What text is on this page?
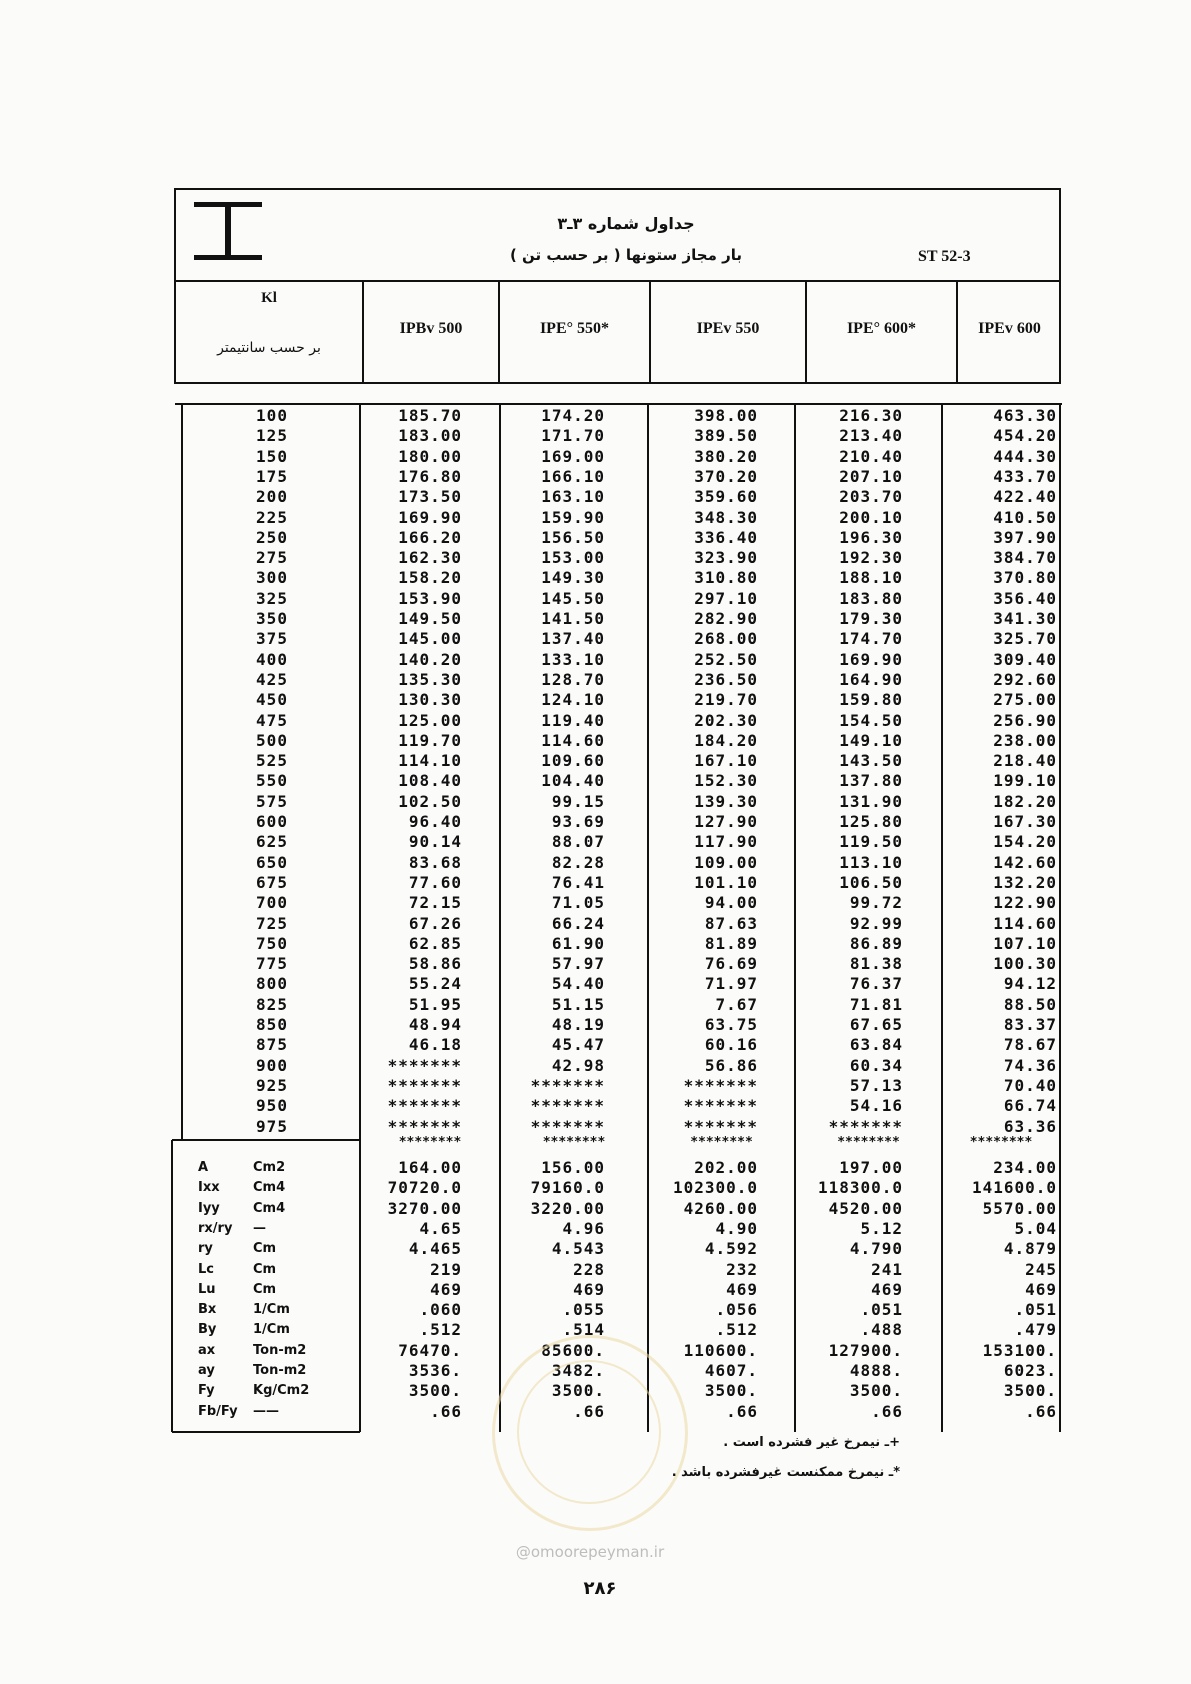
جداول شماره ۳ـ۳
بار مجاز ستونها ( بر حسب تن )	ST 52-3
Kl
بر حسب سانتیمتر
IPBv 500	IPE° 550*	IPEv 550	IPE° 600*	IPEv 600
100	185.70	174.20	398.00	216.30	463.30
125	183.00	171.70	389.50	213.40	454.20
150	180.00	169.00	380.20	210.40	444.30
175	176.80	166.10	370.20	207.10	433.70
200	173.50	163.10	359.60	203.70	422.40
225	169.90	159.90	348.30	200.10	410.50
250	166.20	156.50	336.40	196.30	397.90
275	162.30	153.00	323.90	192.30	384.70
300	158.20	149.30	310.80	188.10	370.80
325	153.90	145.50	297.10	183.80	356.40
350	149.50	141.50	282.90	179.30	341.30
375	145.00	137.40	268.00	174.70	325.70
400	140.20	133.10	252.50	169.90	309.40
425	135.30	128.70	236.50	164.90	292.60
450	130.30	124.10	219.70	159.80	275.00
475	125.00	119.40	202.30	154.50	256.90
500	119.70	114.60	184.20	149.10	238.00
525	114.10	109.60	167.10	143.50	218.40
550	108.40	104.40	152.30	137.80	199.10
575	102.50	99.15	139.30	131.90	182.20
600	96.40	93.69	127.90	125.80	167.30
625	90.14	88.07	117.90	119.50	154.20
650	83.68	82.28	109.00	113.10	142.60
675	77.60	76.41	101.10	106.50	132.20
700	72.15	71.05	94.00	99.72	122.90
725	67.26	66.24	87.63	92.99	114.60
750	62.85	61.90	81.89	86.89	107.10
775	58.86	57.97	76.69	81.38	100.30
800	55.24	54.40	71.97	76.37	94.12
825	51.95	51.15	7.67	71.81	88.50
850	48.94	48.19	63.75	67.65	83.37
875	46.18	45.47	60.16	63.84	78.67
900	*******	42.98	56.86	60.34	74.36
925	*******	*******	*******	57.13	70.40
950	*******	*******	*******	54.16	66.74
975	*******	*******	*******	*******	63.36
A	Cm2	164.00	156.00	202.00	197.00	234.00
Ixx	Cm4	70720.0	79160.0	102300.0	118300.0	141600.0
Iyy	Cm4	3270.00	3220.00	4260.00	4520.00	5570.00
rx/ry —	4.65	4.96	4.90	5.12	5.04
ry	Cm	4.465	4.543	4.592	4.790	4.879
Lc	Cm	219	228	232	241	245
Lu	Cm	469	469	469	469	469
Bx	1/Cm	.060	.055	.056	.051	.051
By	1/Cm	.512	.514	.512	.488	.479
ax	Ton-m2	76470.	85600.	110600.	127900.	153100.
ay	Ton-m2	3536.	3482.	4607.	4888.	6023.
Fy	Kg/Cm2	3500.	3500.	3500.	3500.	3500.
Fb/Fy ——	.66	.66	.66	.66	.66
********	********	********	********	********
@omoorepeyman.ir
+ـ نیمرخ غیر فشرده است .
*ـ نیمرخ ممکنست غیرفشرده باشد .
۲۸۶
